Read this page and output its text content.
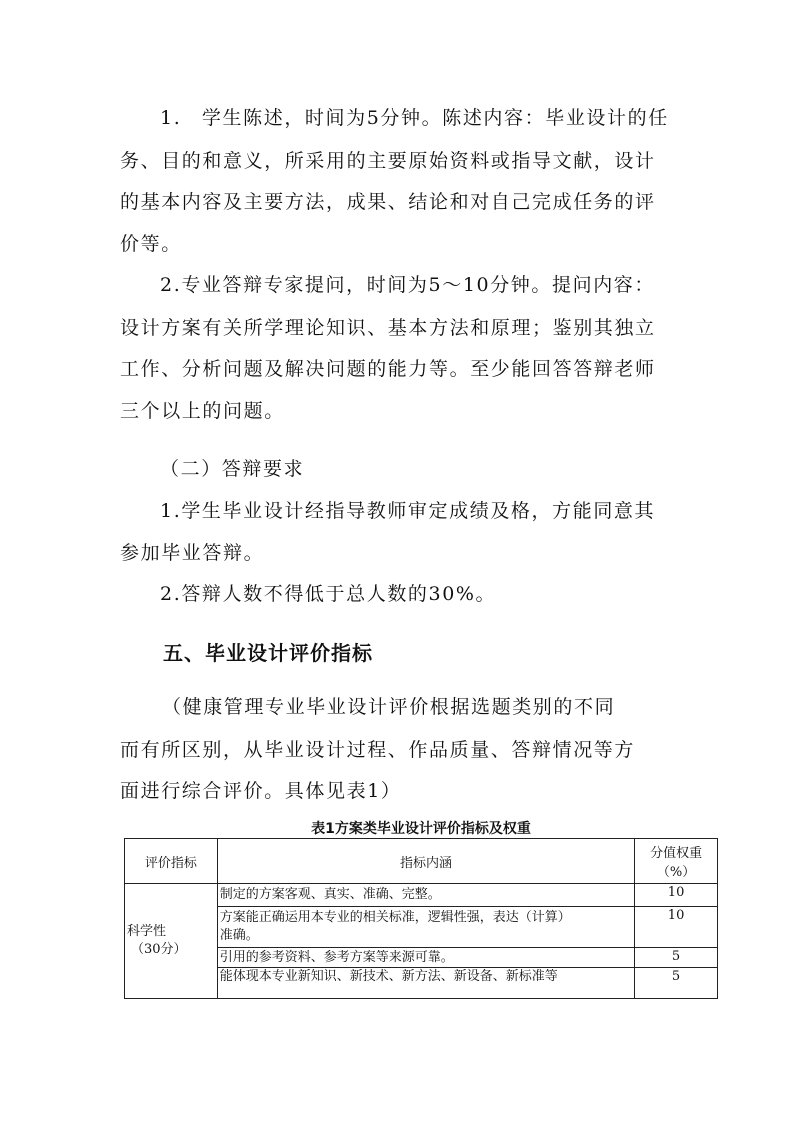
1.　学生陈述，时间为5分钟。陈述内容：毕业设计的任
务、目的和意义，所采用的主要原始资料或指导文献，设计
的基本内容及主要方法，成果、结论和对自己完成任务的评
价等。
2.专业答辩专家提问，时间为5～10分钟。提问内容：
设计方案有关所学理论知识、基本方法和原理；鉴别其独立
工作、分析问题及解决问题的能力等。至少能回答答辩老师
三个以上的问题。
（二）答辩要求
1.学生毕业设计经指导教师审定成绩及格，方能同意其
参加毕业答辩。
2.答辩人数不得低于总人数的30%。
五、毕业设计评价指标
（健康管理专业毕业设计评价根据选题类别的不同
而有所区别，从毕业设计过程、作品质量、答辩情况等方
面进行综合评价。具体见表1）
表1方案类毕业设计评价指标及权重
评价指标	指标内涵	分值权重
（%）

科学性
（30分）	制定的方案客观、真实、准确、完整。	10

	方案能正确运用本专业的相关标准，逻辑性强，表达（计算）
准确。	10
	引用的参考资料、参考方案等来源可靠。	5
	能体现本专业新知识、新技术、新方法、新设备、新标准等	5
